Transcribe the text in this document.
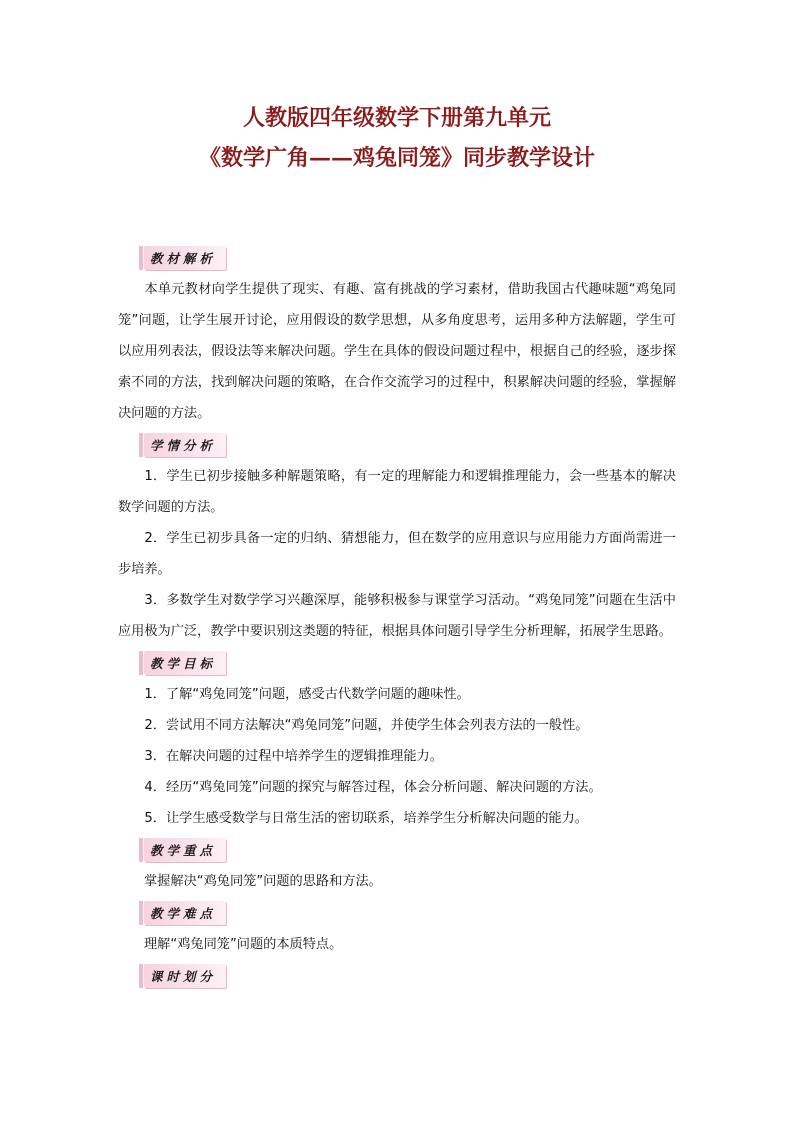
人教版四年级数学下册第九单元

《数学广角——鸡兔同笼》同步教学设计

教材解析

本单元教材向学生提供了现实、有趣、富有挑战的学习素材，借助我国古代趣味题“鸡兔同笼”问题，让学生展开讨论，应用假设的数学思想，从多角度思考，运用多种方法解题，学生可以应用列表法，假设法等来解决问题。学生在具体的假设问题过程中，根据自己的经验，逐步探索不同的方法，找到解决问题的策略，在合作交流学习的过程中，积累解决问题的经验，掌握解决问题的方法。

学情分析

1．学生已初步接触多种解题策略，有一定的理解能力和逻辑推理能力，会一些基本的解决数学问题的方法。

2．学生已初步具备一定的归纳、猜想能力，但在数学的应用意识与应用能力方面尚需进一步培养。

3．多数学生对数学学习兴趣深厚，能够积极参与课堂学习活动。“鸡兔同笼”问题在生活中应用极为广泛，教学中要识别这类题的特征，根据具体问题引导学生分析理解，拓展学生思路。

教学目标

1．了解“鸡兔同笼”问题，感受古代数学问题的趣味性。

2．尝试用不同方法解决“鸡兔同笼”问题，并使学生体会列表方法的一般性。

3．在解决问题的过程中培养学生的逻辑推理能力。

4．经历“鸡兔同笼”问题的探究与解答过程，体会分析问题、解决问题的方法。

5．让学生感受数学与日常生活的密切联系，培养学生分析解决问题的能力。

教学重点

掌握解决“鸡兔同笼”问题的思路和方法。

教学难点

理解“鸡兔同笼”问题的本质特点。

课时划分
